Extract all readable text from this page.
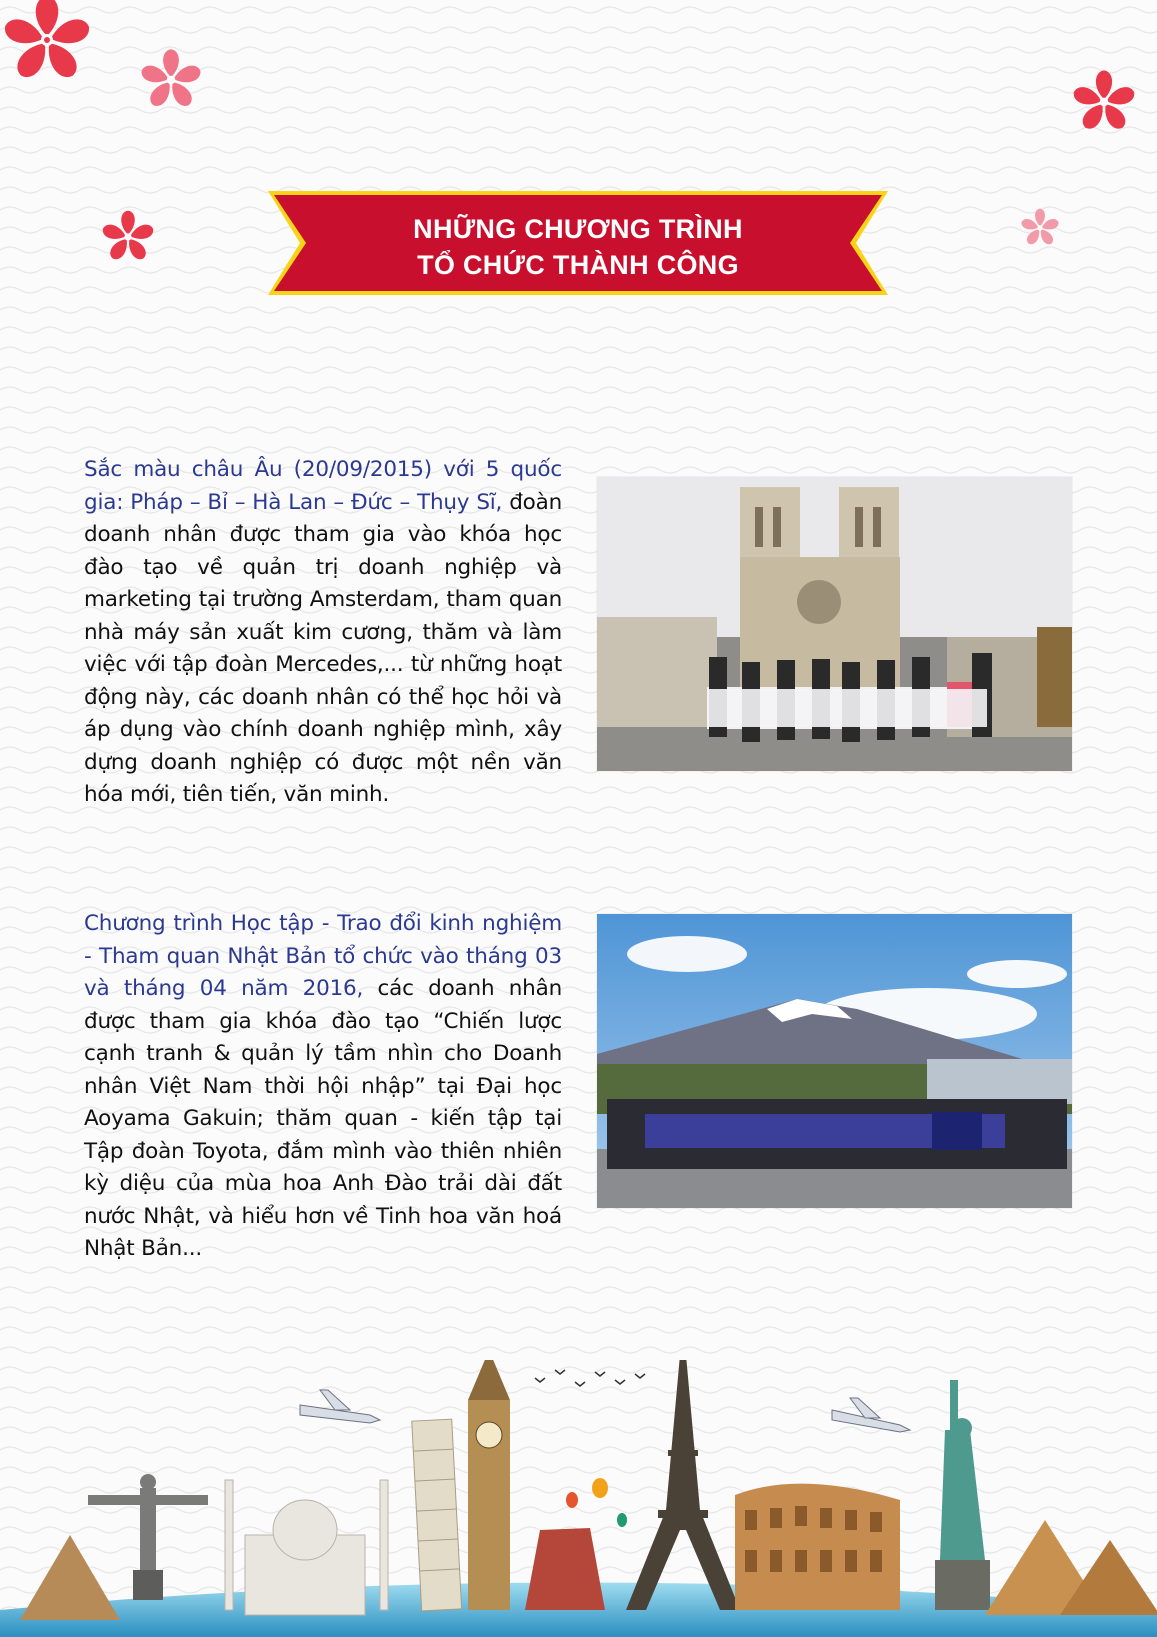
NHỮNG CHƯƠNG TRÌNH
TỔ CHỨC THÀNH CÔNG
Sắc màu châu Âu (20/09/2015) với 5 quốc gia: Pháp – Bỉ – Hà Lan – Đức – Thụy Sĩ, đoàn doanh nhân được tham gia vào khóa học đào tạo về quản trị doanh nghiệp và marketing tại trường Amsterdam, tham quan nhà máy sản xuất kim cương, thăm và làm việc với tập đoàn Mercedes,... từ những hoạt động này, các doanh nhân có thể học hỏi và áp dụng vào chính doanh nghiệp mình, xây dựng doanh nghiệp có được một nền văn hóa mới, tiên tiến, văn minh.
Chương trình Học tập - Trao đổi kinh nghiệm - Tham quan Nhật Bản tổ chức vào tháng 03 và tháng 04 năm 2016, các doanh nhân được tham gia khóa đào tạo “Chiến lược cạnh tranh & quản lý tầm nhìn cho Doanh nhân Việt Nam thời hội nhập” tại Đại học Aoyama Gakuin; thăm quan - kiến tập tại Tập đoàn Toyota, đắm mình vào thiên nhiên kỳ diệu của mùa hoa Anh Đào trải dài đất nước Nhật, và hiểu hơn về Tinh hoa văn hoá Nhật Bản...
